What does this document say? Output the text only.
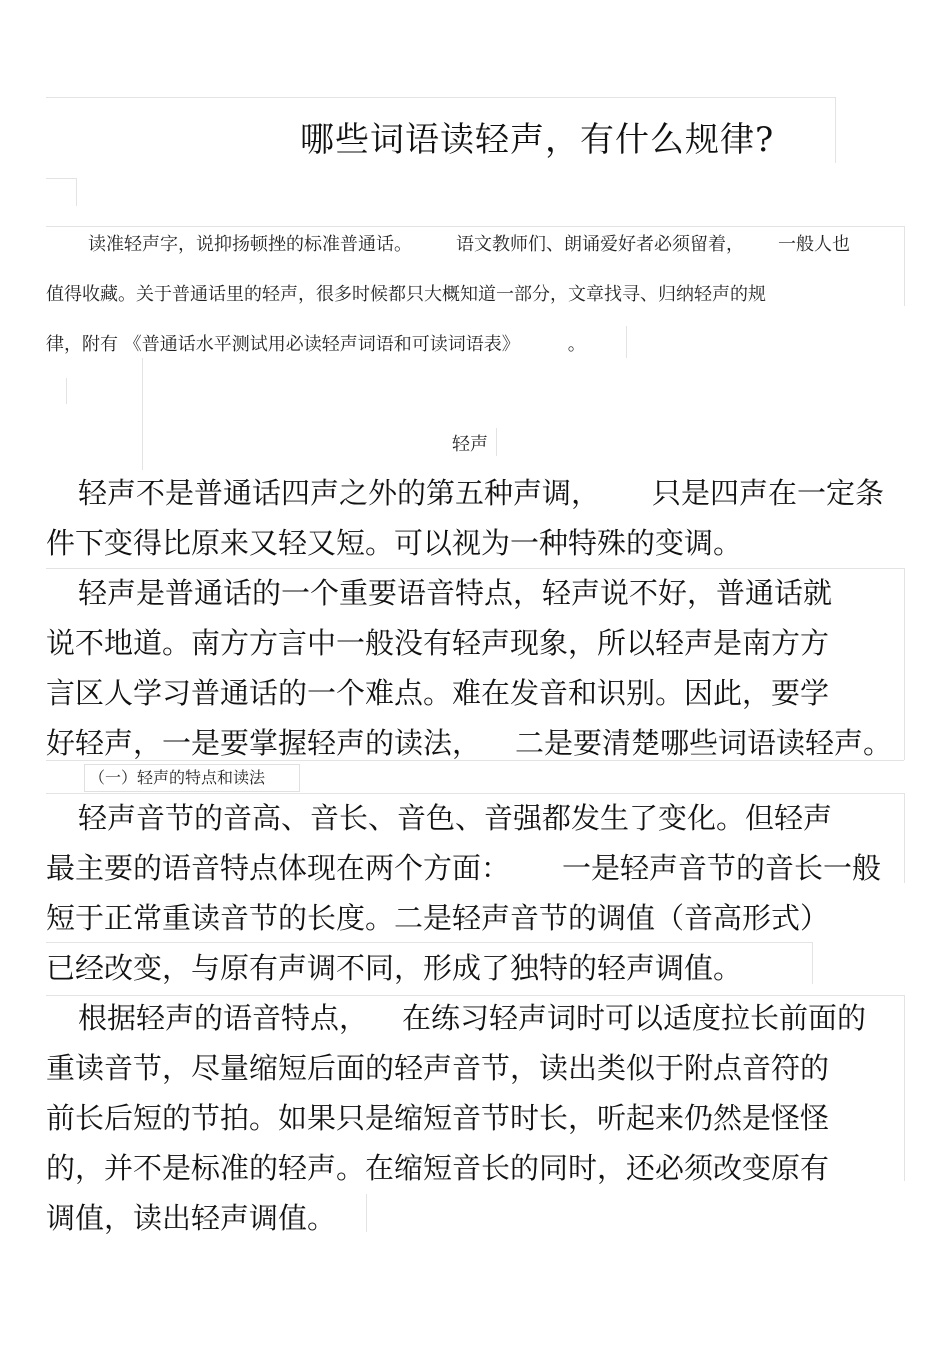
哪些词语读轻声，有什么规律?
读准轻声字，说抑扬顿挫的标准普通话。 语文教师们、朗诵爱好者必须留着， 一般人也
值得收藏。关于普通话里的轻声，很多时候都只大概知道一部分，文章找寻、归纳轻声的规
律，附有 《普通话水平测试用必读轻声词语和可读词语表》	。
轻声
轻声不是普通话四声之外的第五种声调， 只是四声在一定条
件下变得比原来又轻又短。可以视为一种特殊的变调。
轻声是普通话的一个重要语音特点，轻声说不好，普通话就
说不地道。南方方言中一般没有轻声现象，所以轻声是南方方
言区人学习普通话的一个难点。难在发音和识别。因此，要学
好轻声，一是要掌握轻声的读法， 二是要清楚哪些词语读轻声。
（一）轻声的特点和读法
轻声音节的音高、音长、音色、音强都发生了变化。但轻声
最主要的语音特点体现在两个方面： 一是轻声音节的音长一般
短于正常重读音节的长度。二是轻声音节的调值（音高形式）
已经改变，与原有声调不同，形成了独特的轻声调值。
根据轻声的语音特点， 在练习轻声词时可以适度拉长前面的
重读音节，尽量缩短后面的轻声音节，读出类似于附点音符的
前长后短的节拍。如果只是缩短音节时长，听起来仍然是怪怪
的，并不是标准的轻声。在缩短音长的同时，还必须改变原有
调值，读出轻声调值。
